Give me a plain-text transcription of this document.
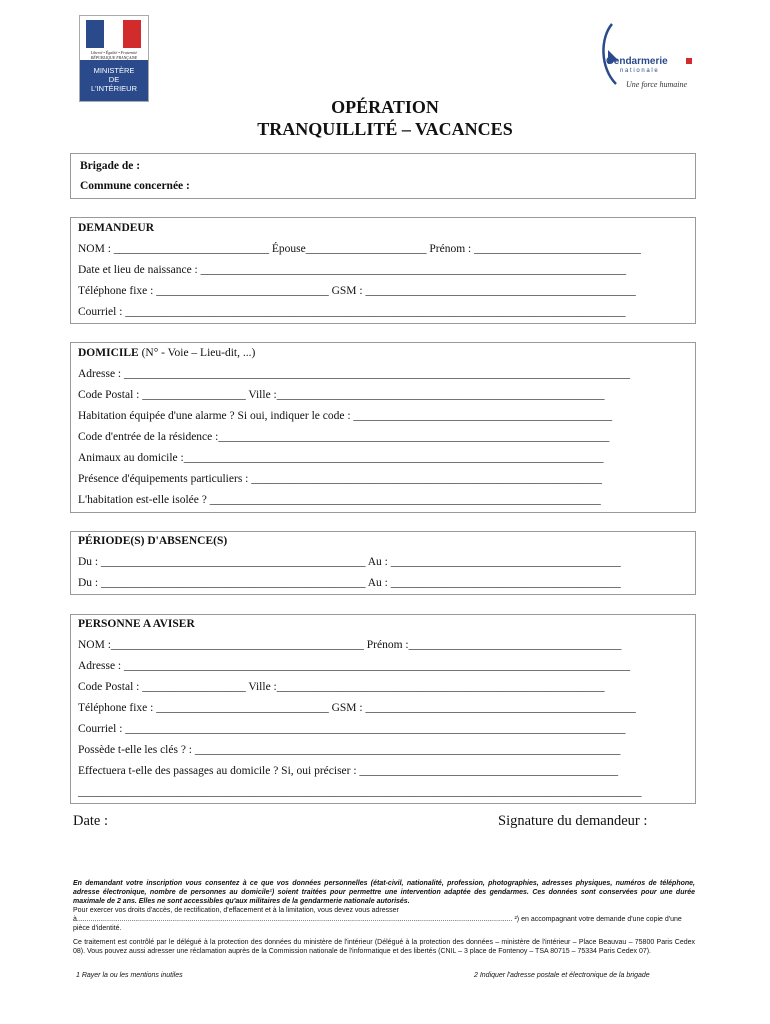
Liberté • Égalité • Fraternité
RÉPUBLIQUE FRANÇAISE
MINISTÈRE
DE
L'INTÉRIEUR
Gendarmerie
n a t i o n a l e
Une force humaine
OPÉRATION
TRANQUILLITÉ – VACANCES
Brigade de :
Commune concernée :
DEMANDEUR
NOM : ___________________________ Épouse_____________________ Prénom : _____________________________
Date et lieu de naissance : __________________________________________________________________________
Téléphone fixe : ______________________________ GSM : _______________________________________________
Courriel : _______________________________________________________________________________________
DOMICILE (N° - Voie – Lieu-dit, ...)
Adresse : ________________________________________________________________________________________
Code Postal : __________________ Ville :_________________________________________________________
Habitation équipée d'une alarme ? Si oui, indiquer le code : _____________________________________________
Code d'entrée de la résidence :____________________________________________________________________
Animaux au domicile :_________________________________________________________________________
Présence d'équipements particuliers : _____________________________________________________________
L'habitation est-elle isolée ? ____________________________________________________________________
PÉRIODE(S) D'ABSENCE(S)
Du : ______________________________________________ Au : ________________________________________
Du : ______________________________________________ Au : ________________________________________
PERSONNE A AVISER
NOM :____________________________________________ Prénom :_____________________________________
Adresse : ________________________________________________________________________________________
Code Postal : __________________ Ville :_________________________________________________________
Téléphone fixe : ______________________________ GSM : _______________________________________________
Courriel : _______________________________________________________________________________________
Possède t-elle les clés ? : __________________________________________________________________________
Effectuera t-elle des passages au domicile ? Si, oui préciser : _____________________________________________
__________________________________________________________________________________________________
Date :	Signature du demandeur :
En demandant votre inscription vous consentez à ce que vos données personnelles (état-civil, nationalité, profession, photographies, adresses physiques, numéros de téléphone, adresse électronique, nombre de personnes au domicile¹) soient traitées pour permettre une intervention adaptée des gendarmes. Ces données sont conservées pour une durée maximale de 2 ans. Elles ne sont accessibles qu'aux militaires de la gendarmerie nationale autorisés.
Pour exercer vos droits d'accès, de rectification, d'effacement et à la limitation, vous devez vous adresser
à................................................................................................................................................................................................................................ ²) en accompagnant votre demande d'une copie d'une pièce d'identité.
Ce traitement est contrôlé par le délégué à la protection des données du ministère de l'intérieur (Délégué à la protection des données – ministère de l'intérieur – Place Beauvau – 75800 Paris Cedex 08). Vous pouvez aussi adresser une réclamation auprès de la Commission nationale de l'informatique et des libertés (CNIL – 3 place de Fontenoy – TSA 80715 – 75334 Paris Cedex 07).
1 Rayer la ou les mentions inutiles	2 Indiquer l'adresse postale et électronique de la brigade
